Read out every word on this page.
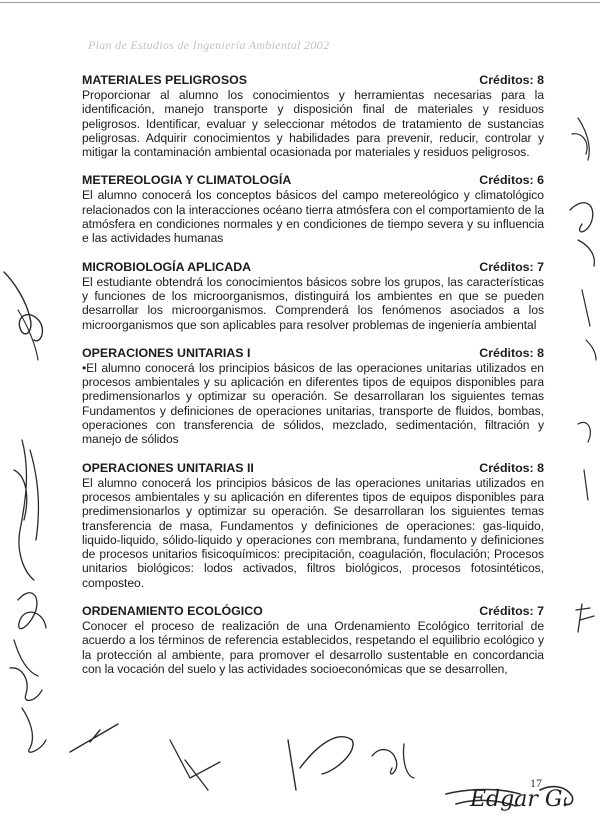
Plan de Estudios de Ingeniería Ambiental 2002
MATERIALES PELIGROSOS	Créditos: 8

Proporcionar al alumno los conocimientos y herramientas necesarias para la identificación, manejo transporte y disposición final de materiales y residuos peligrosos. Identificar, evaluar y seleccionar métodos de tratamiento de sustancias peligrosas. Adquirir conocimientos y habilidades para prevenir, reducir, controlar y mitigar la contaminación ambiental ocasionada por materiales y residuos peligrosos.

METEREOLOGIA Y CLIMATOLOGÍA	Créditos: 6

El alumno conocerá los conceptos básicos del campo metereológico y climatológico relacionados con la interacciones océano tierra atmósfera con el comportamiento de la atmósfera en condiciones normales y en condiciones de tiempo severa y su influencia e las actividades humanas

MICROBIOLOGÍA APLICADA	Créditos: 7

El estudiante obtendrá los conocimientos básicos sobre los grupos, las características y funciones de los microorganismos, distinguirá los ambientes en que se pueden desarrollar los microorganismos. Comprenderá los fenómenos asociados a los microorganismos que son aplicables para resolver problemas de ingeniería ambiental

OPERACIONES UNITARIAS I	Créditos: 8

•El alumno conocerá los principios básicos de las operaciones unitarias utilizados en procesos ambientales y su aplicación en diferentes tipos de equipos disponibles para predimensionarlos y optimizar su operación. Se desarrollaran los siguientes temas Fundamentos y definiciones de operaciones unitarias, transporte de fluidos, bombas, operaciones con transferencia de sólidos, mezclado, sedimentación, filtración y manejo de sólidos

OPERACIONES UNITARIAS II	Créditos: 8

El alumno conocerá los principios básicos de las operaciones unitarias utilizados en procesos ambientales y su aplicación en diferentes tipos de equipos disponibles para predimensionarlos y optimizar su operación. Se desarrollaran los siguientes temas transferencia de masa, Fundamentos y definiciones de operaciones: gas-liquido, liquido-liquido, sólido-liquido y operaciones con membrana, fundamento y definiciones de procesos unitarios fisicoquímicos: precipitación, coagulación, floculación; Procesos unitarios biológicos: lodos activados, filtros biológicos, procesos fotosintéticos, composteo.

ORDENAMIENTO ECOLÓGICO	Créditos: 7

Conocer el proceso de realización de una Ordenamiento Ecológico territorial de acuerdo a los términos de referencia establecidos, respetando el equilibrio ecológico y la protección al ambiente, para promover el desarrollo sustentable en concordancia con la vocación del suelo y las actividades socioeconómicas que se desarrollen,

17
Edgar G.
